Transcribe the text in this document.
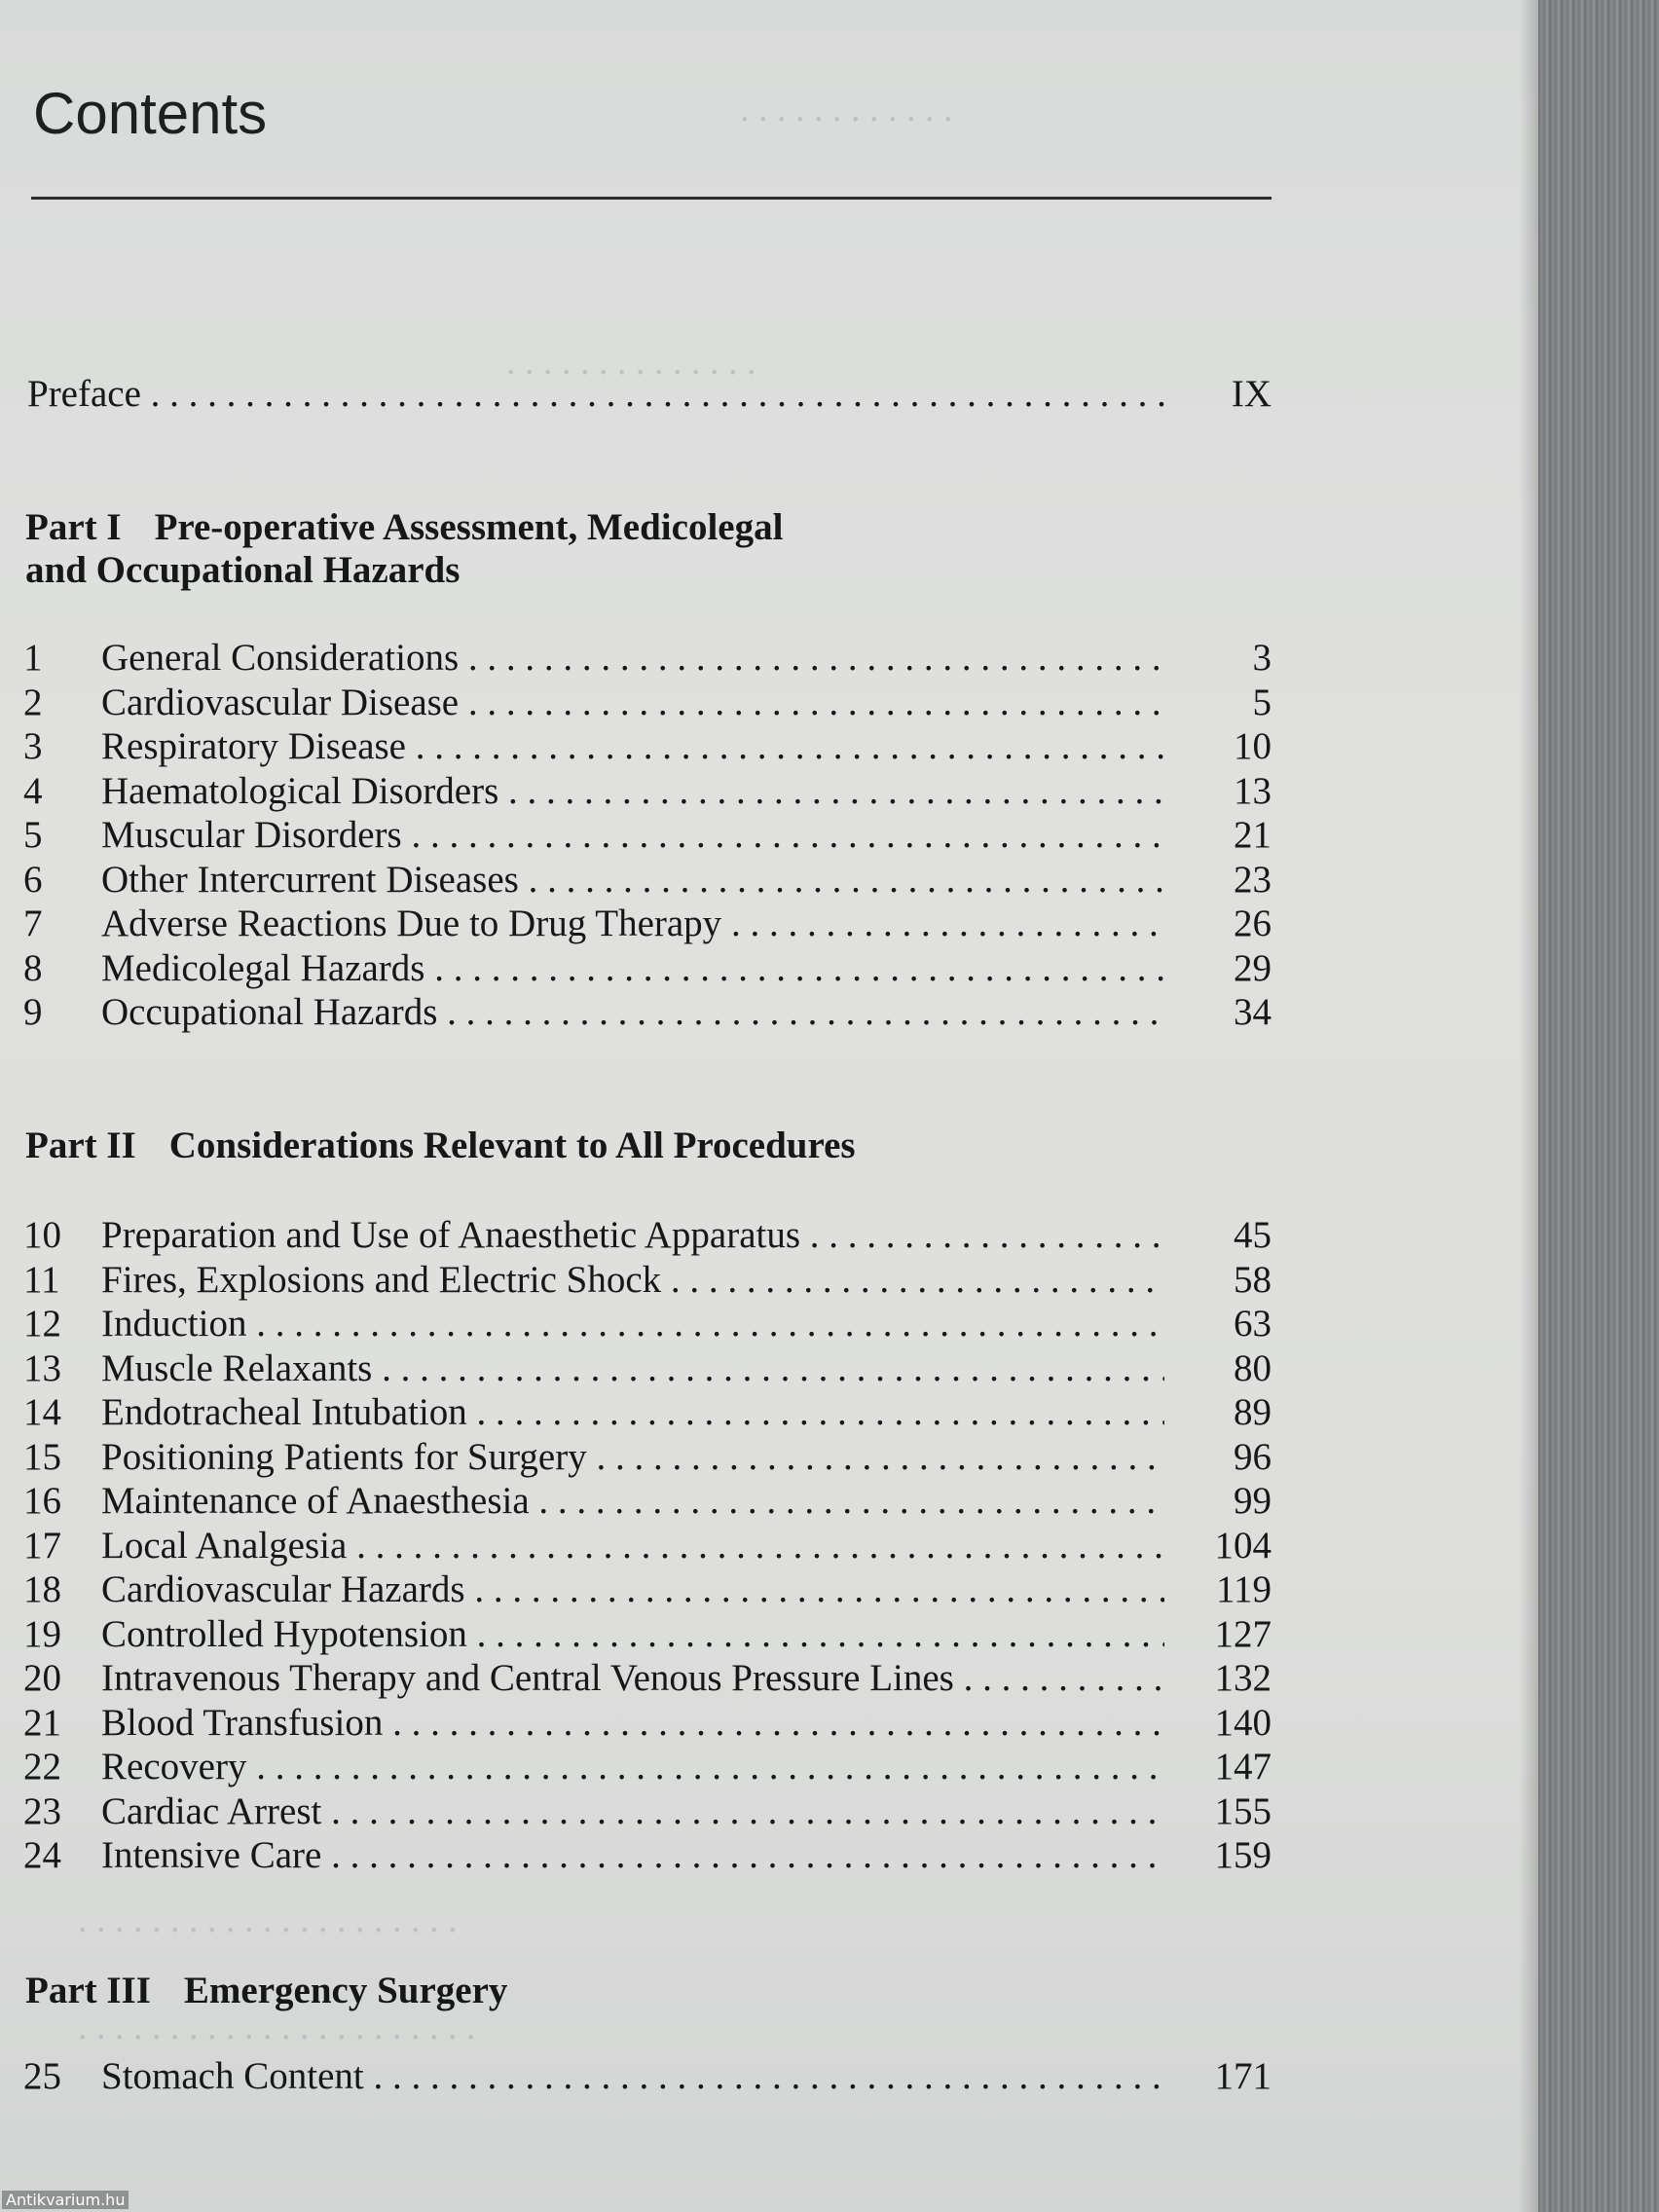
. . . . . . . . . . . .
. . . . . . . . . . . . . .
. . . . . . . . . . . . . . . . . . . . .
. . . . . . . . . . . . . . . . . . . . . .
Contents
Preface . . .	IX
Part I Pre-operative Assessment, Medicolegal
and Occupational Hazards
1	General Considerations . . .	3
2	Cardiovascular Disease . . .	5
3	Respiratory Disease . . .	10
4	Haematological Disorders . . .	13
5	Muscular Disorders . . .	21
6	Other Intercurrent Diseases . . .	23
7	Adverse Reactions Due to Drug Therapy . . .	26
8	Medicolegal Hazards . . .	29
9	Occupational Hazards . . .	34
Part II Considerations Relevant to All Procedures
10	Preparation and Use of Anaesthetic Apparatus . . .	45
11	Fires, Explosions and Electric Shock . . .	58
12	Induction . . .	63
13	Muscle Relaxants . . .	80
14	Endotracheal Intubation . . .	89
15	Positioning Patients for Surgery . . .	96
16	Maintenance of Anaesthesia . . .	99
17	Local Analgesia . . .	104
18	Cardiovascular Hazards . . .	119
19	Controlled Hypotension . . .	127
20	Intravenous Therapy and Central Venous Pressure Lines . . .	132
21	Blood Transfusion . . .	140
22	Recovery . . .	147
23	Cardiac Arrest . . .	155
24	Intensive Care . . .	159
Part III Emergency Surgery
25	Stomach Content . . .	171
Antikvarium.hu
